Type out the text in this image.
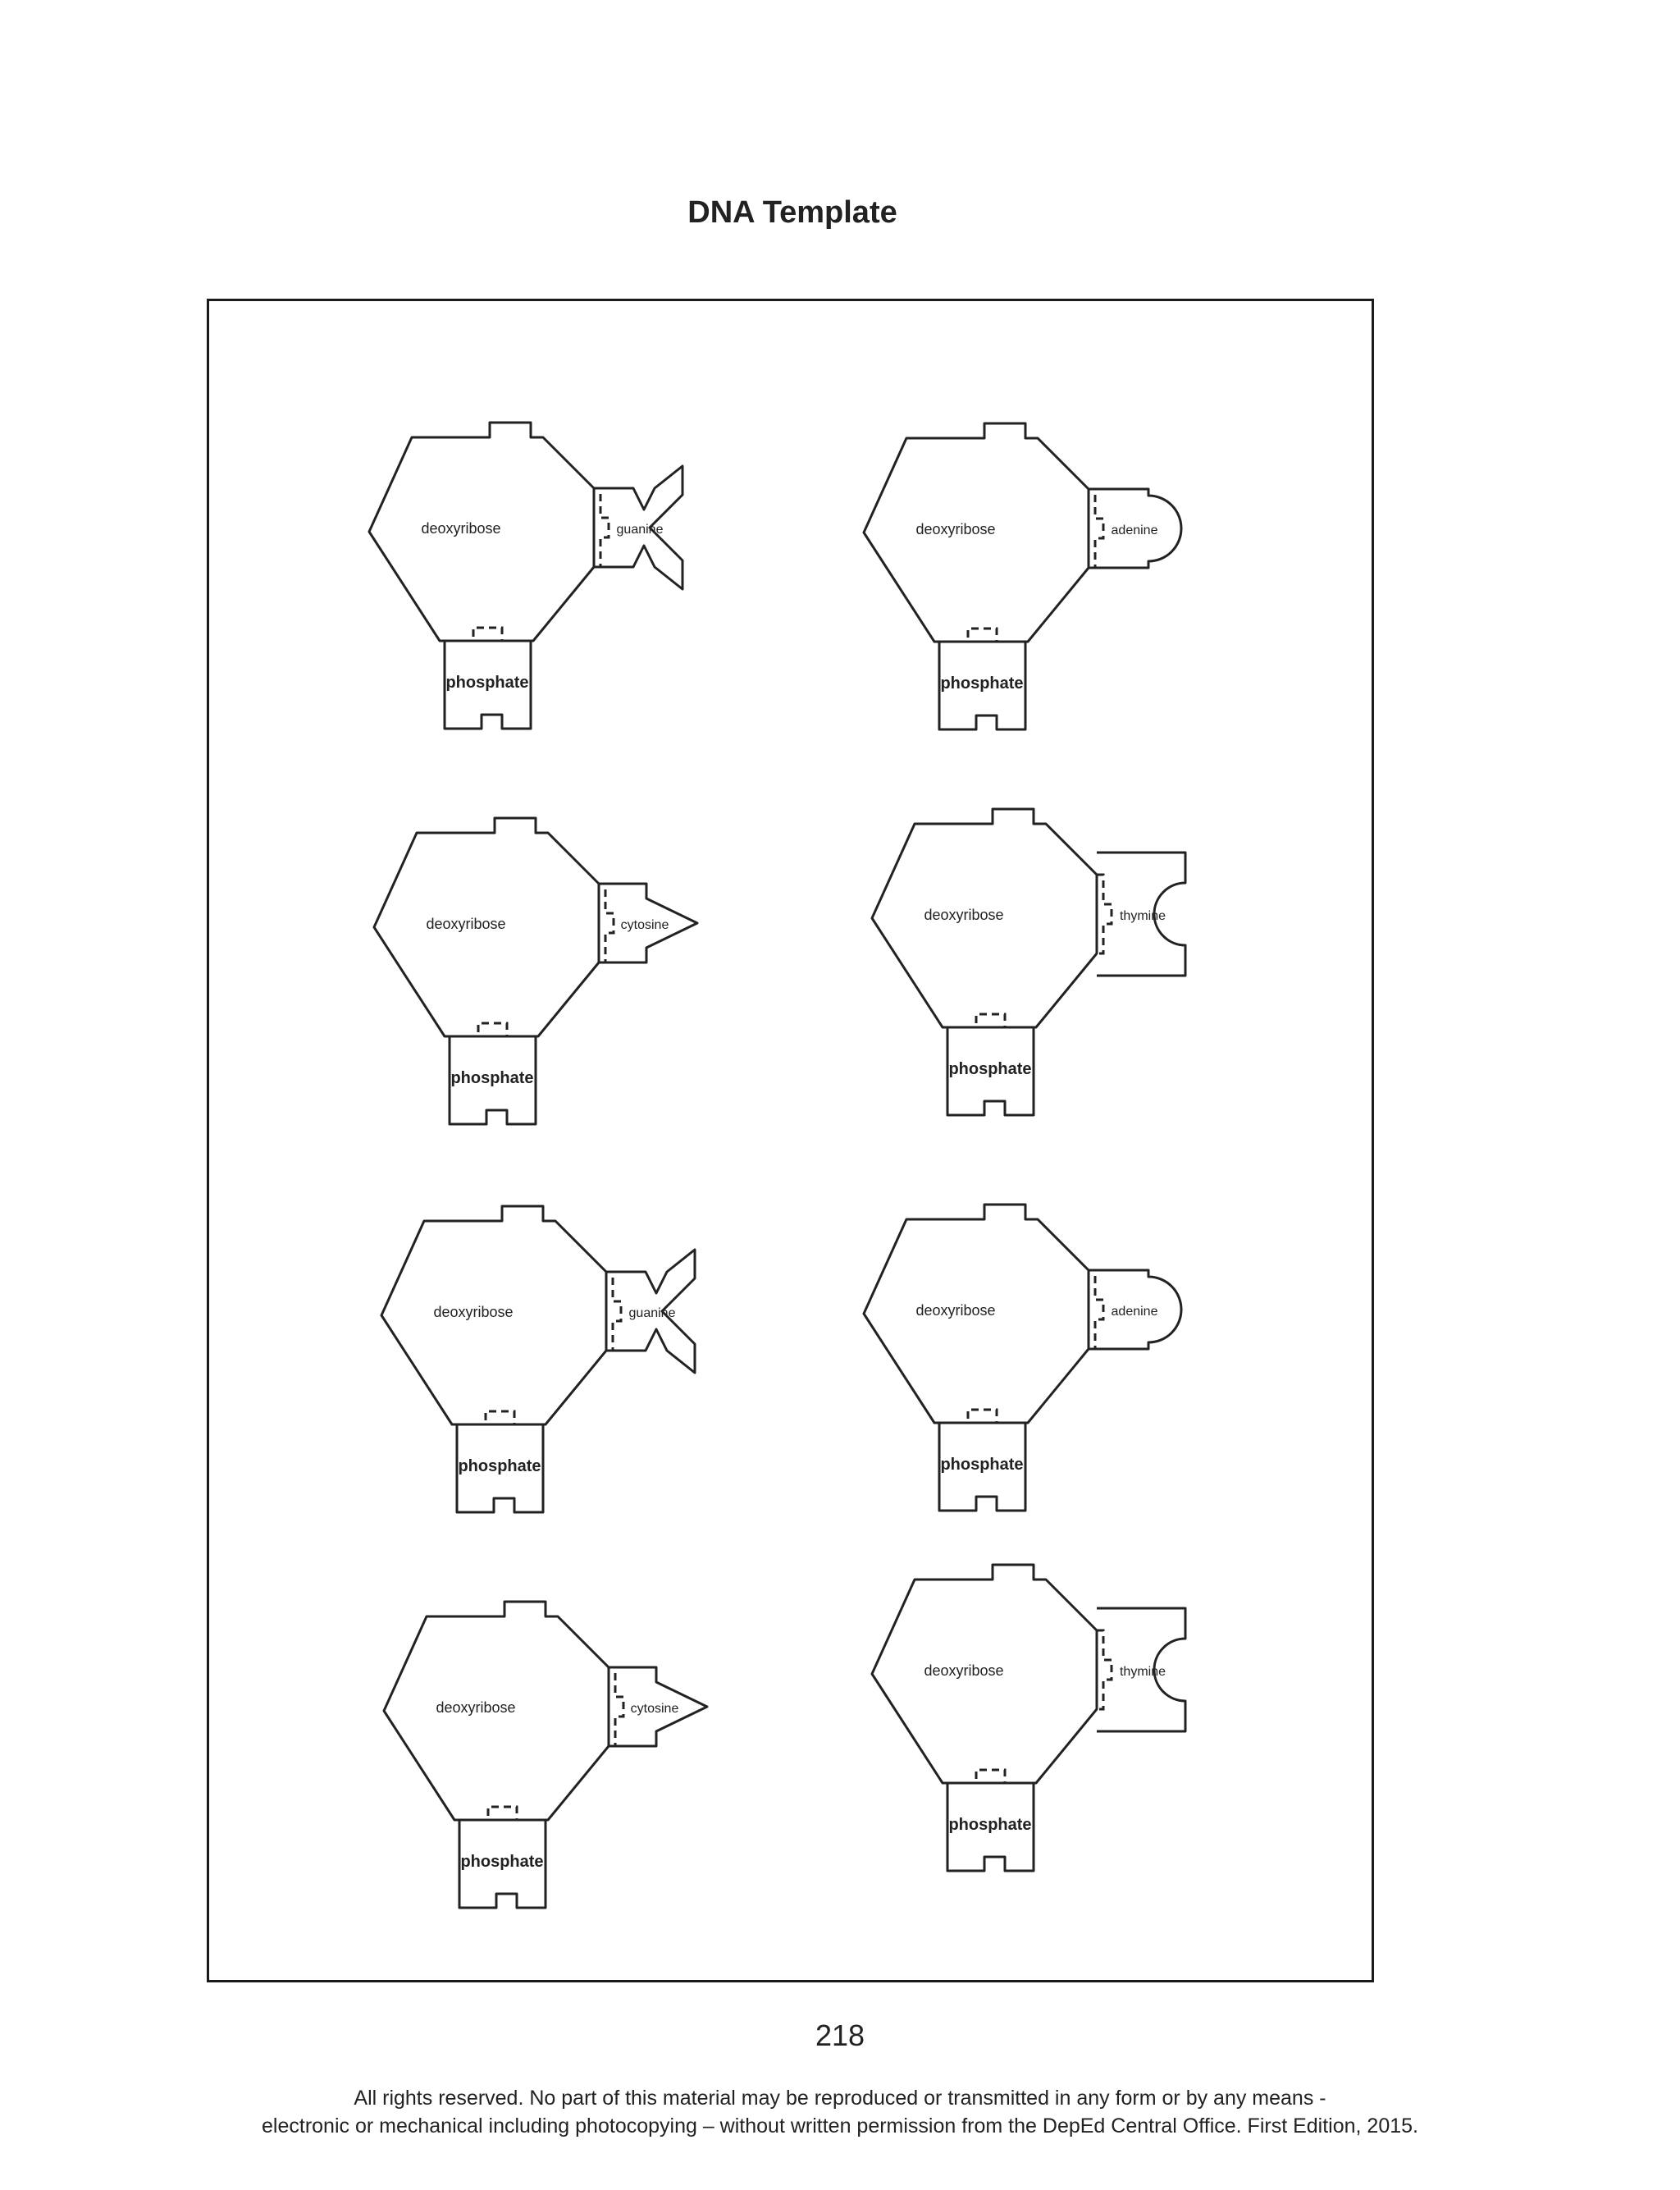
DNA Template
deoxyribose	guanine
phosphate
deoxyribose	adenine
phosphate
deoxyribose	cytosine
phosphate
deoxyribose	thymine
phosphate
deoxyribose	guanine
phosphate
deoxyribose	adenine
phosphate
deoxyribose	cytosine
phosphate
deoxyribose	thymine
phosphate
218
All rights reserved. No part of this material may be reproduced or transmitted in any form or by any means -
electronic or mechanical including photocopying – without written permission from the DepEd Central Office. First Edition, 2015.
